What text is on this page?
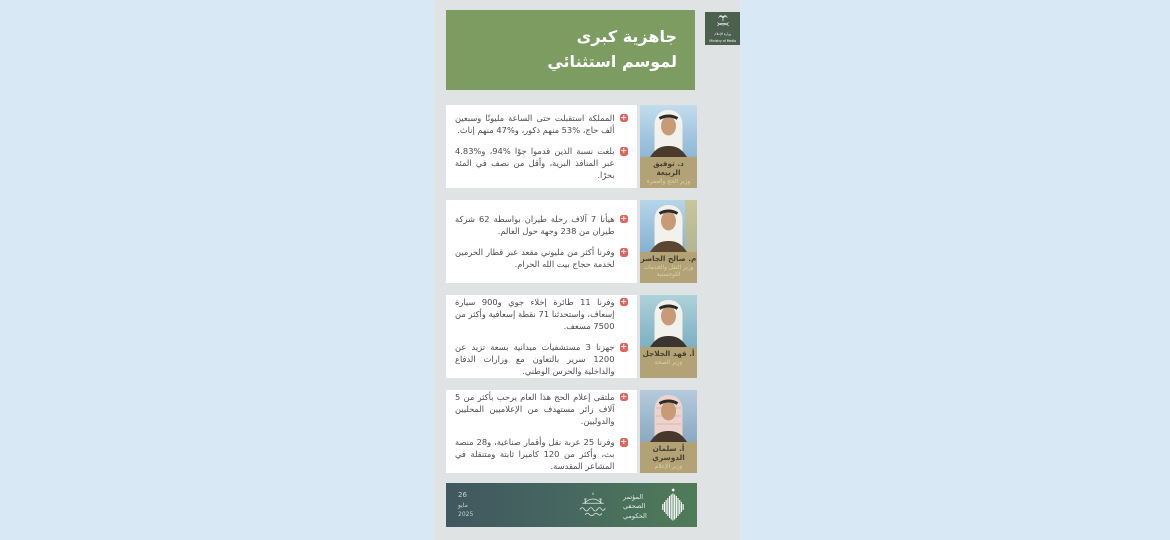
جاهزية كبرى
لموسم استثنائي
وزارة الإعلام
Ministry of Media
+
المملكة استقبلت حتى الساعة مليونًا وسبعين ألف حاج، %53 منهم ذكور، و%47 منهم إناث.
+
بلغت نسبة الذين قدموا جوًا %94، و%4.83 عبر المنافذ البرية، وأقل من نصف في المئة بحرًا.
د. توفيق الربيعة
وزير الحج والعمرة
+
هيأنا 7 آلاف رحلة طيران بواسطة 62 شركة طيران من 238 وجهة حول العالم.
+
وفرنا أكثر من مليوني مقعد عبر قطار الحرمين لخدمة حجاج بيت الله الحرام.
م. صالح الجاصر
وزير النقل والخدمات اللوجستية
+
وفرنا 11 طائرة إخلاء جوي و900 سيارة إسعاف، واستحدثنا 71 نقطة إسعافية وأكثر من 7500 مسعف.
+
جهزنا 3 مستشفيات ميدانية بسعة تزيد عن 1200 سرير بالتعاون مع وزارات الدفاع والداخلية والحرس الوطني.
أ. فهد الجلاجل
وزير الصحة
+
ملتقى إعلام الحج هذا العام يرحب بأكثر من 5 آلاف زائر مستهدف من الإعلاميين المحليين والدوليين.
+
وفرنا 25 عربة نقل وأقمار صناعية، و28 منصة بث، وأكثر من 120 كاميرا ثابتة ومتنقلة في المشاعر المقدسة.
أ. سلمان الدوسري
وزير الإعلام
26
مايو
2025
المؤتمر
الصحفي
الحكومي
